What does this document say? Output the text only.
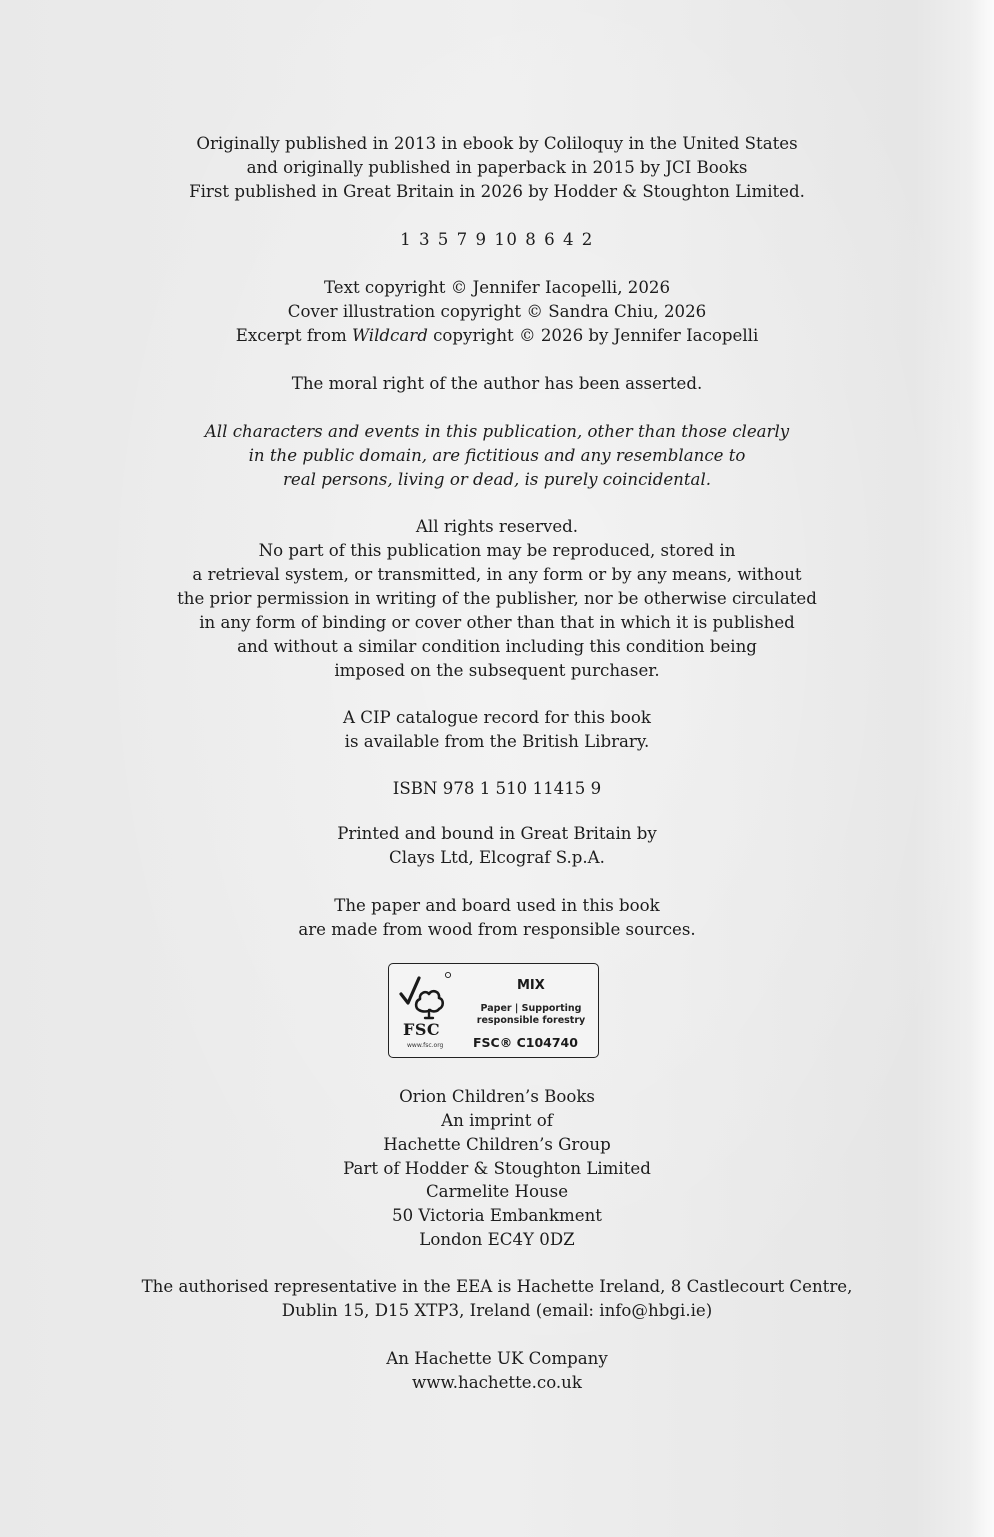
Originally published in 2013 in ebook by Coliloquy in the United States
and originally published in paperback in 2015 by JCI Books
First published in Great Britain in 2026 by Hodder & Stoughton Limited.
1 3 5 7 9 10 8 6 4 2
Text copyright © Jennifer Iacopelli, 2026
Cover illustration copyright © Sandra Chiu, 2026
Excerpt from Wildcard copyright © 2026 by Jennifer Iacopelli
The moral right of the author has been asserted.
All characters and events in this publication, other than those clearly
in the public domain, are fictitious and any resemblance to
real persons, living or dead, is purely coincidental.
All rights reserved.
No part of this publication may be reproduced, stored in
a retrieval system, or transmitted, in any form or by any means, without
the prior permission in writing of the publisher, nor be otherwise circulated
in any form of binding or cover other than that in which it is published
and without a similar condition including this condition being
imposed on the subsequent purchaser.
A CIP catalogue record for this book
is available from the British Library.
ISBN 978 1 510 11415 9
Printed and bound in Great Britain by
Clays Ltd, Elcograf S.p.A.
The paper and board used in this book
are made from wood from responsible sources.
FSC
www.fsc.org
MIX
Paper | Supporting responsible forestry
FSC® C104740
Orion Children’s Books
An imprint of
Hachette Children’s Group
Part of Hodder & Stoughton Limited
Carmelite House
50 Victoria Embankment
London EC4Y 0DZ
The authorised representative in the EEA is Hachette Ireland, 8 Castlecourt Centre,
Dublin 15, D15 XTP3, Ireland (email: info@hbgi.ie)
An Hachette UK Company
www.hachette.co.uk
